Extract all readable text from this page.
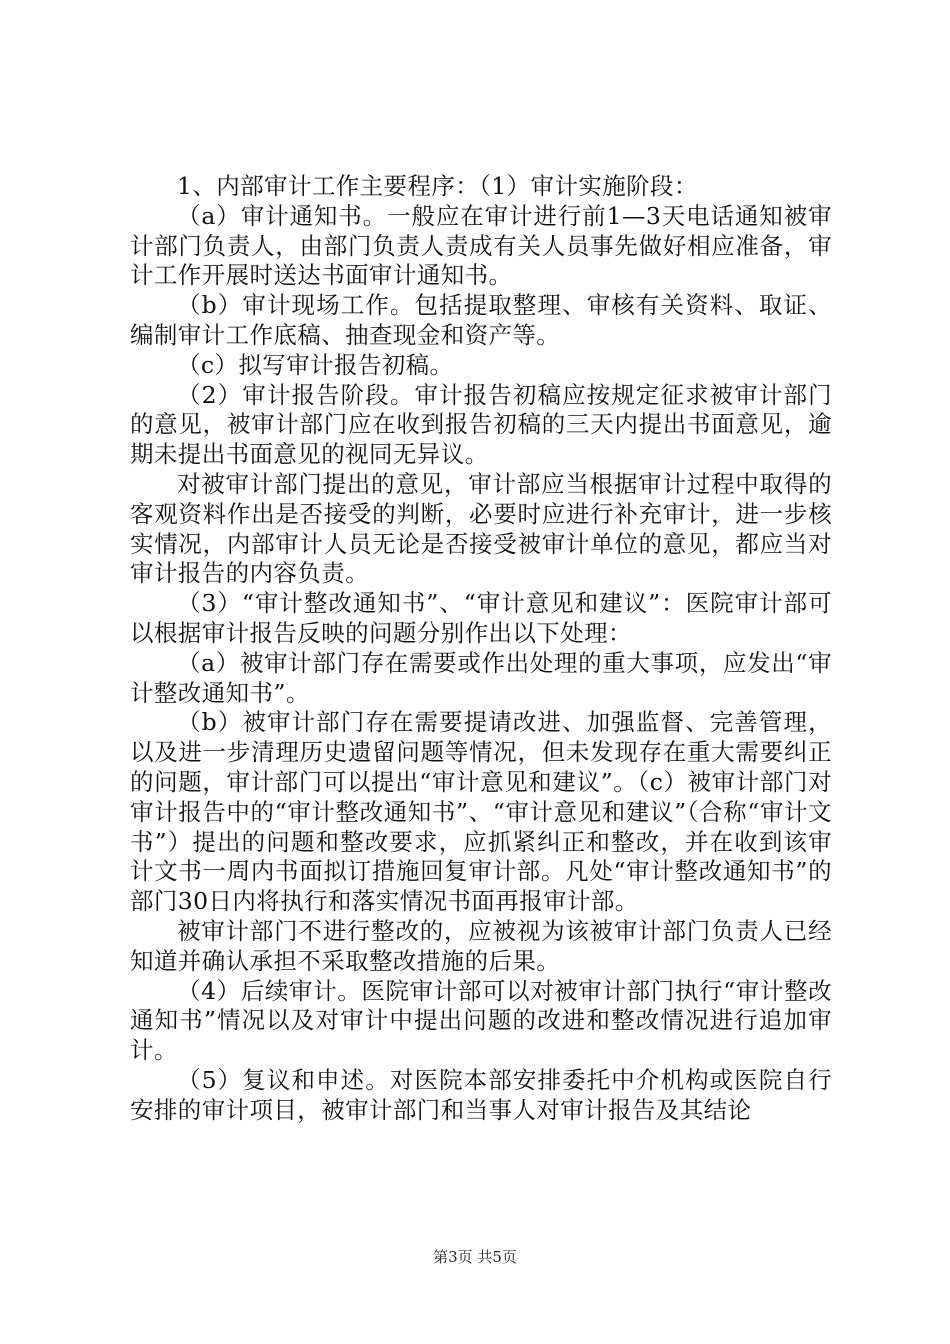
1、内部审计工作主要程序：（1）审计实施阶段：

（a）审计通知书。一般应在审计进行前1—3天电话通知被审计部门负责人，由部门负责人责成有关人员事先做好相应准备，审计工作开展时送达书面审计通知书。

（b）审计现场工作。包括提取整理、审核有关资料、取证、编制审计工作底稿、抽查现金和资产等。

（c）拟写审计报告初稿。

（2）审计报告阶段。审计报告初稿应按规定征求被审计部门的意见，被审计部门应在收到报告初稿的三天内提出书面意见，逾期未提出书面意见的视同无异议。

对被审计部门提出的意见，审计部应当根据审计过程中取得的客观资料作出是否接受的判断，必要时应进行补充审计，进一步核实情况，内部审计人员无论是否接受被审计单位的意见，都应当对审计报告的内容负责。

（3）“审计整改通知书”、“审计意见和建议”：医院审计部可以根据审计报告反映的问题分别作出以下处理：

（a）被审计部门存在需要或作出处理的重大事项，应发出“审计整改通知书”。

（b）被审计部门存在需要提请改进、加强监督、完善管理，以及进一步清理历史遗留问题等情况，但未发现存在重大需要纠正的问题，审计部门可以提出“审计意见和建议”。（c）被审计部门对审计报告中的“审计整改通知书”、“审计意见和建议”（合称“审计文书”）提出的问题和整改要求，应抓紧纠正和整改，并在收到该审计文书一周内书面拟订措施回复审计部。凡处“审计整改通知书”的部门30日内将执行和落实情况书面再报审计部。

被审计部门不进行整改的，应被视为该被审计部门负责人已经知道并确认承担不采取整改措施的后果。

（4）后续审计。医院审计部可以对被审计部门执行“审计整改通知书”情况以及对审计中提出问题的改进和整改情况进行追加审计。

（5）复议和申述。对医院本部安排委托中介机构或医院自行安排的审计项目，被审计部门和当事人对审计报告及其结论

第3页 共5页
